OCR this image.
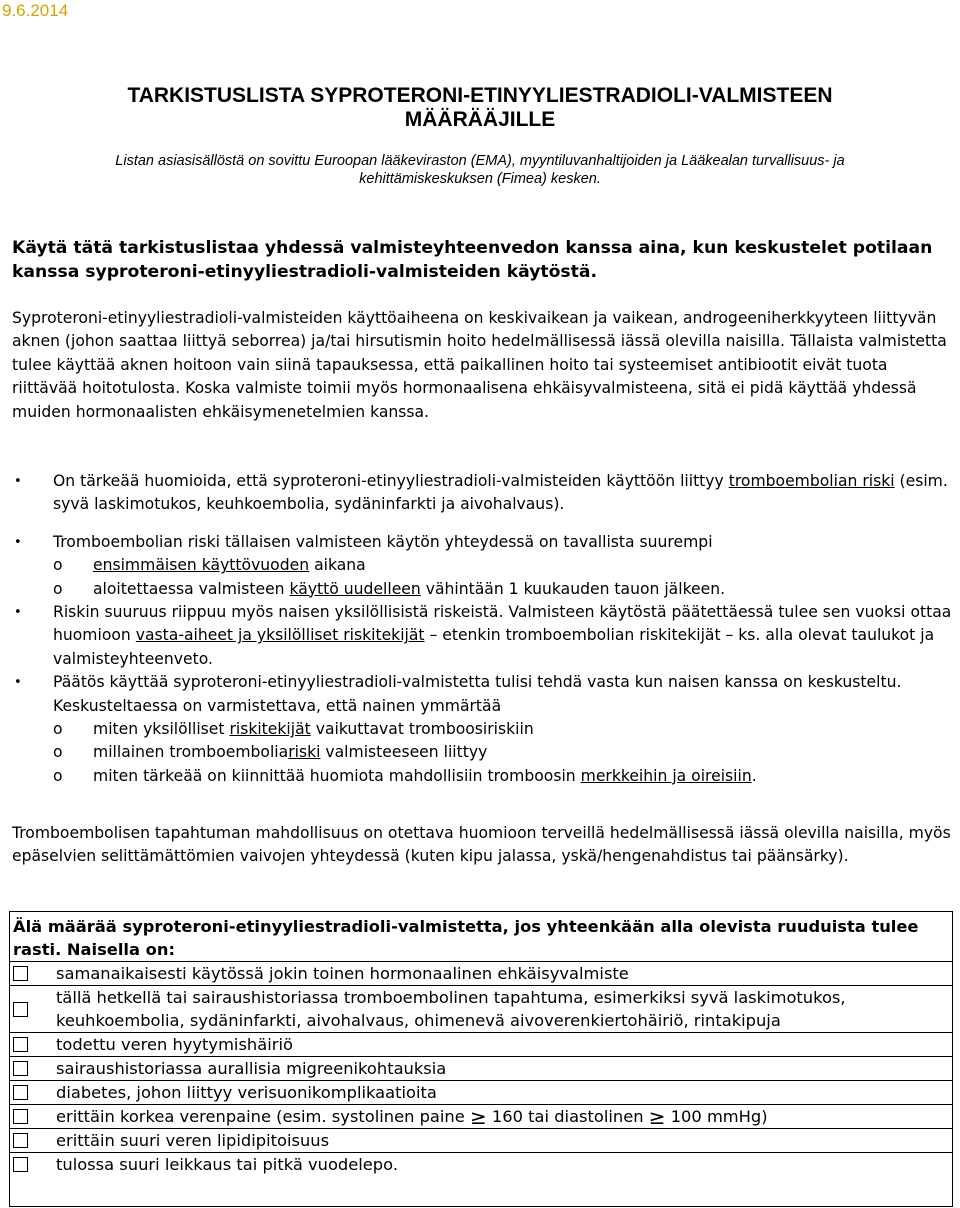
9.6.2014
TARKISTUSLISTA SYPROTERONI-ETINYYLIESTRADIOLI-VALMISTEEN
MÄÄRÄÄJILLE
Listan asiasisällöstä on sovittu Euroopan lääkeviraston (EMA), myyntiluvanhaltijoiden ja Lääkealan turvallisuus- ja
kehittämiskeskuksen (Fimea) kesken.
Käytä tätä tarkistuslistaa yhdessä valmisteyhteenvedon kanssa aina, kun keskustelet potilaan kanssa syproteroni-etinyyliestradioli-valmisteiden käytöstä.
Syproteroni-etinyyliestradioli-valmisteiden käyttöaiheena on keskivaikean ja vaikean, androgeeniherkkyyteen liittyvän aknen (johon saattaa liittyä seborrea) ja/tai hirsutismin hoito hedelmällisessä iässä olevilla naisilla. Tällaista valmistetta tulee käyttää aknen hoitoon vain siinä tapauksessa, että paikallinen hoito tai systeemiset antibiootit eivät tuota riittävää hoitotulosta. Koska valmiste toimii myös hormonaalisena ehkäisyvalmisteena, sitä ei pidä käyttää yhdessä muiden hormonaalisten ehkäisymenetelmien kanssa.
• On tärkeää huomioida, että syproteroni-etinyyliestradioli-valmisteiden käyttöön liittyy tromboembolian riski (esim. syvä laskimotukos, keuhkoembolia, sydäninfarkti ja aivohalvaus).
• Tromboembolian riski tällaisen valmisteen käytön yhteydessä on tavallista suurempi
o ensimmäisen käyttövuoden aikana
o aloitettaessa valmisteen käyttö uudelleen vähintään 1 kuukauden tauon jälkeen.
• Riskin suuruus riippuu myös naisen yksilöllisistä riskeistä. Valmisteen käytöstä päätettäessä tulee sen vuoksi ottaa huomioon vasta-aiheet ja yksilölliset riskitekijät – etenkin tromboembolian riskitekijät – ks. alla olevat taulukot ja valmisteyhteenveto.
• Päätös käyttää syproteroni-etinyyliestradioli-valmistetta tulisi tehdä vasta kun naisen kanssa on keskusteltu. Keskusteltaessa on varmistettava, että nainen ymmärtää
o miten yksilölliset riskitekijät vaikuttavat tromboosiriskiin
o millainen tromboemboliariski valmisteeseen liittyy
o miten tärkeää on kiinnittää huomiota mahdollisiin tromboosin merkkeihin ja oireisiin.
Tromboembolisen tapahtuman mahdollisuus on otettava huomioon terveillä hedelmällisessä iässä olevilla naisilla, myös epäselvien selittämättömien vaivojen yhteydessä (kuten kipu jalassa, yskä/hengenahdistus tai päänsärky).
Älä määrää syproteroni-etinyyliestradioli-valmistetta, jos yhteenkään alla olevista ruuduista tulee rasti. Naisella on:
samanaikaisesti käytössä jokin toinen hormonaalinen ehkäisyvalmiste
tällä hetkellä tai sairaushistoriassa tromboembolinen tapahtuma, esimerkiksi syvä laskimotukos, keuhkoembolia, sydäninfarkti, aivohalvaus, ohimenevä aivoverenkiertohäiriö, rintakipuja
todettu veren hyytymishäiriö
sairaushistoriassa aurallisia migreenikohtauksia
diabetes, johon liittyy verisuonikomplikaatioita
erittäin korkea verenpaine (esim. systolinen paine ≥ 160 tai diastolinen ≥ 100 mmHg)
erittäin suuri veren lipidipitoisuus
tulossa suuri leikkaus tai pitkä vuodelepo.
